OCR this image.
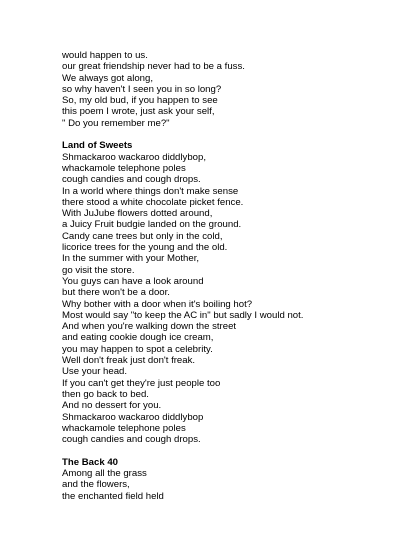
would happen to us.
our great friendship never had to be a fuss.
We always got along,
so why haven't I seen you in so long?
So, my old bud, if you happen to see
this poem I wrote, just ask your self,
" Do you remember me?"
Land of Sweets
Shmackaroo wackaroo diddlybop,
whackamole telephone poles
cough candies and cough drops.
In a world where things don't make sense
there stood a white chocolate picket fence.
With JuJube flowers dotted around,
a Juicy Fruit budgie landed on the ground.
Candy cane trees but only in the cold,
licorice trees for the young and the old.
In the summer with your Mother,
go visit the store.
You guys can have a look around
but there won't be a door.
Why bother with a door when it's boiling hot?
Most would say "to keep the AC in" but sadly I would not.
And when you're walking down the street
and eating cookie dough ice cream,
you may happen to spot a celebrity.
Well don't freak just don't freak.
Use your head.
If you can't get they're just people too
then go back to bed.
And no dessert for you.
Shmackaroo wackaroo diddlybop
whackamole telephone poles
cough candies and cough drops.
The Back 40
Among all the grass
and the flowers,
the enchanted field held
